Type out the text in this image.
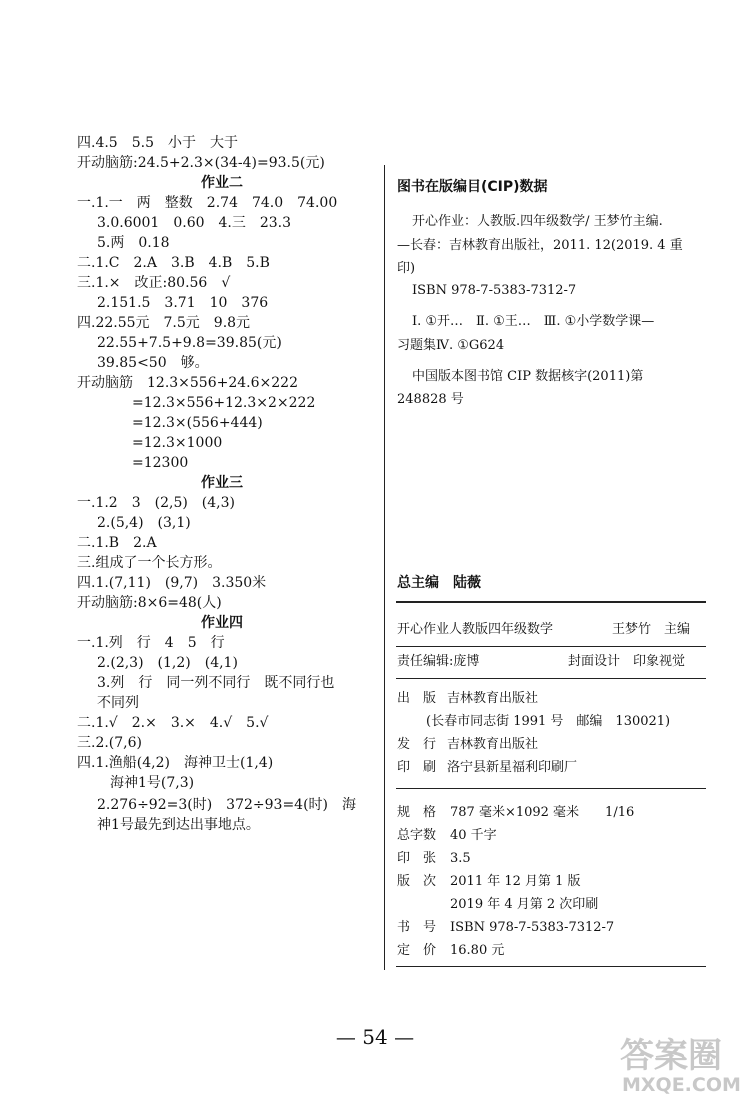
四.4.5　5.5　小于　大于
开动脑筋:24.5+2.3×(34-4)=93.5(元)
作业二
一.1.一　两　整数　2.74　74.0　74.00
3.0.6001　0.60　4.三　23.3
5.两　0.18
二.1.C　2.A　3.B　4.B　5.B
三.1.×　改正:80.56　√
2.151.5　3.71　10　376
四.22.55元　7.5元　9.8元
22.55+7.5+9.8=39.85(元)
39.85<50　够。
开动脑筋　12.3×556+24.6×222
=12.3×556+12.3×2×222
=12.3×(556+444)
=12.3×1000
=12300
作业三
一.1.2　3　(2,5)　(4,3)
2.(5,4)　(3,1)
二.1.B　2.A
三.组成了一个长方形。
四.1.(7,11)　(9,7)　3.350米
开动脑筋:8×6=48(人)
作业四
一.1.列　行　4　5　行
2.(2,3)　(1,2)　(4,1)
3.列　行　同一列不同行　既不同行也
不同列
二.1.√　2.×　3.×　4.√　5.√
三.2.(7,6)
四.1.渔船(4,2)　海神卫士(1,4)
海神1号(7,3)
2.276÷92=3(时)　372÷93=4(时)　海
神1号最先到达出事地点。
图书在版编目(CIP)数据
开心作业：人教版.四年级数学/ 王梦竹主编.
—长春：吉林教育出版社，2011. 12(2019. 4 重
印)
ISBN 978-7-5383-7312-7
Ⅰ. ①开…　Ⅱ. ①王…　Ⅲ. ①小学数学课—
习题集Ⅳ. ①G624
中国版本图书馆 CIP 数据核字(2011)第
248828 号
总主编　陆薇
开心作业人教版四年级数学	王梦竹　主编
责任编辑:庞博	封面设计　印象视觉
出　版 吉林教育出版社
(长春市同志街 1991 号　邮编　130021)
发　行 吉林教育出版社
印　刷 洛宁县新星福利印刷厂
规　格 787 毫米×1092 毫米　　1/16
总字数 40 千字
印　张 3.5
版　次 2011 年 12 月第 1 版
2019 年 4 月第 2 次印刷
书　号 ISBN 978-7-5383-7312-7
定　价 16.80 元
— 54 —	答案圈
MXQE.COM
